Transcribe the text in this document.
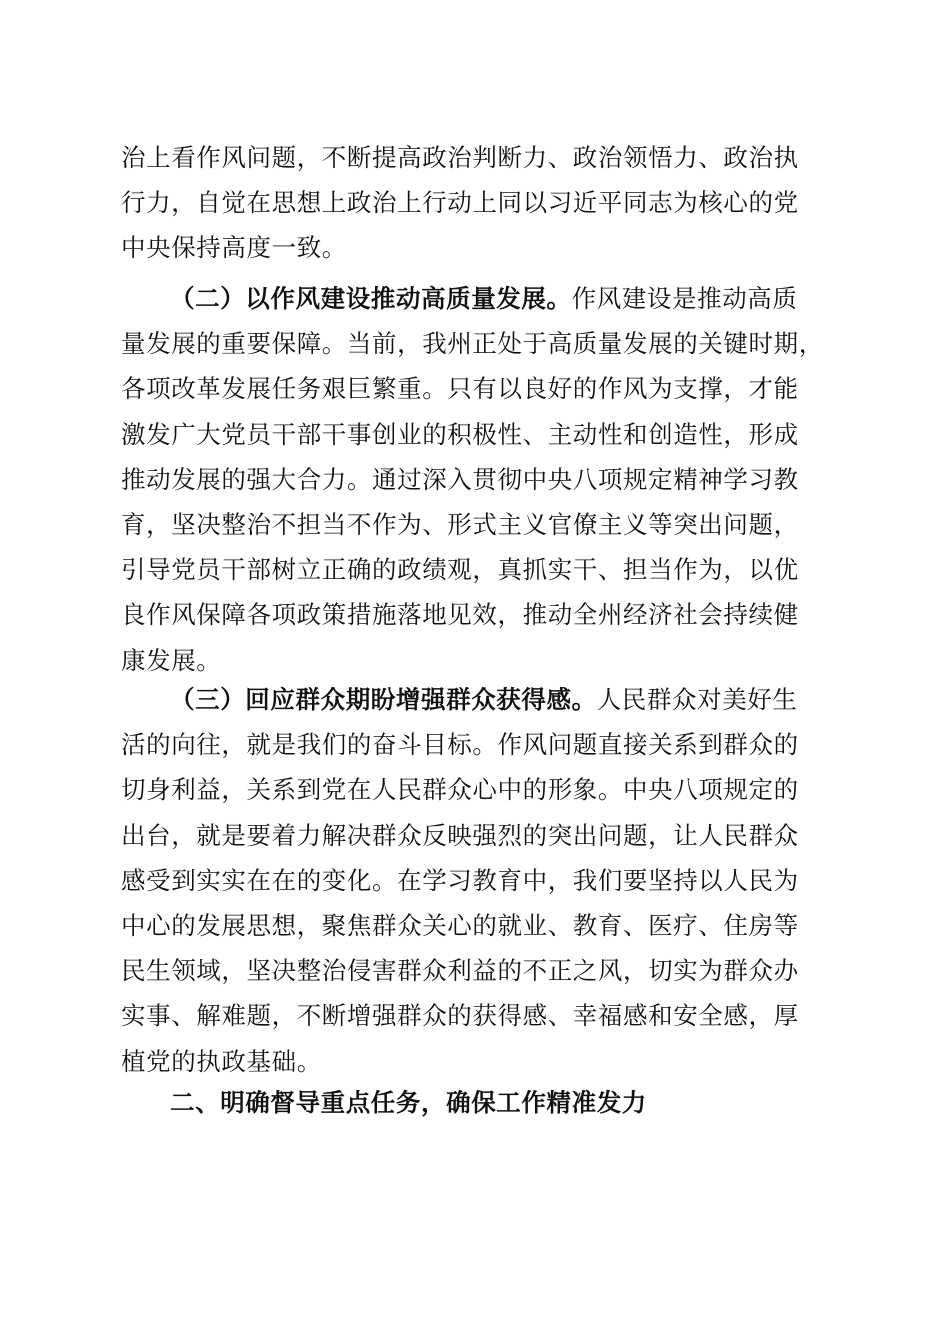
治上看作风问题，不断提高政治判断力、政治领悟力、政治执
行力，自觉在思想上政治上行动上同以习近平同志为核心的党
中央保持高度一致。
（二）以作风建设推动高质量发展。作风建设是推动高质
量发展的重要保障。当前，我州正处于高质量发展的关键时期，
各项改革发展任务艰巨繁重。只有以良好的作风为支撑，才能
激发广大党员干部干事创业的积极性、主动性和创造性，形成
推动发展的强大合力。通过深入贯彻中央八项规定精神学习教
育，坚决整治不担当不作为、形式主义官僚主义等突出问题，
引导党员干部树立正确的政绩观，真抓实干、担当作为，以优
良作风保障各项政策措施落地见效，推动全州经济社会持续健
康发展。
（三）回应群众期盼增强群众获得感。人民群众对美好生
活的向往，就是我们的奋斗目标。作风问题直接关系到群众的
切身利益，关系到党在人民群众心中的形象。中央八项规定的
出台，就是要着力解决群众反映强烈的突出问题，让人民群众
感受到实实在在的变化。在学习教育中，我们要坚持以人民为
中心的发展思想，聚焦群众关心的就业、教育、医疗、住房等
民生领域，坚决整治侵害群众利益的不正之风，切实为群众办
实事、解难题，不断增强群众的获得感、幸福感和安全感，厚
植党的执政基础。
二、明确督导重点任务，确保工作精准发力
